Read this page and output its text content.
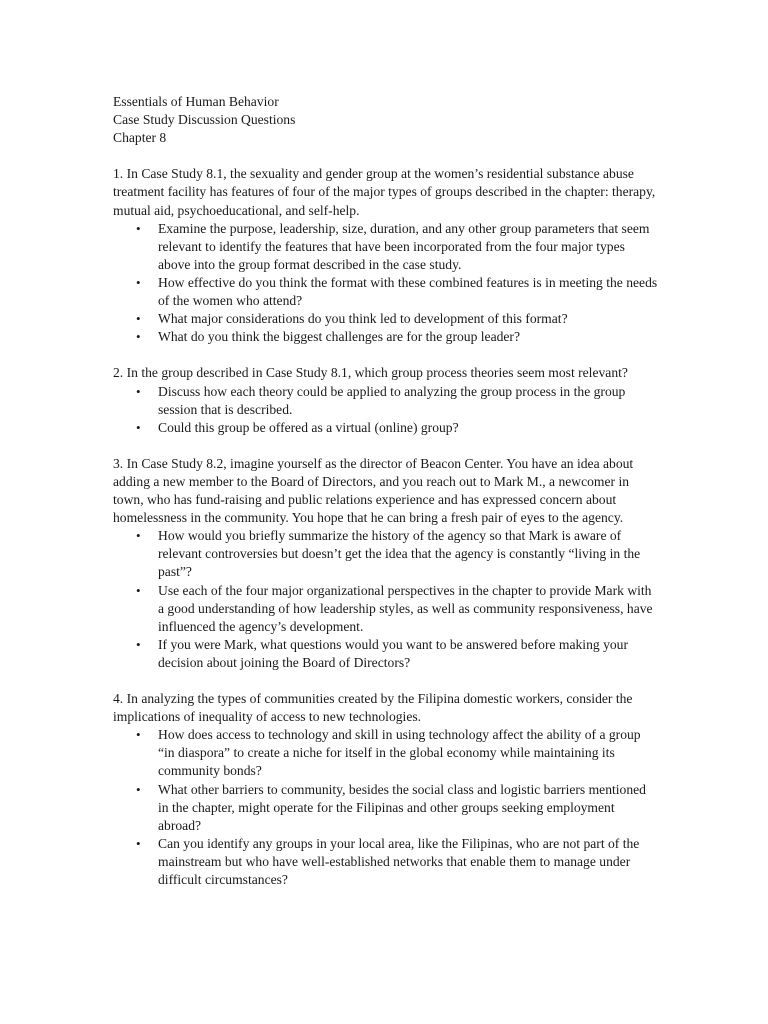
Essentials of Human Behavior
Case Study Discussion Questions
Chapter 8

1. In Case Study 8.1, the sexuality and gender group at the women’s residential substance abuse treatment facility has features of four of the major types of groups described in the chapter: therapy, mutual aid, psychoeducational, and self-help.

• Examine the purpose, leadership, size, duration, and any other group parameters that seem relevant to identify the features that have been incorporated from the four major types above into the group format described in the case study.
• How effective do you think the format with these combined features is in meeting the needs of the women who attend?
• What major considerations do you think led to development of this format?
• What do you think the biggest challenges are for the group leader?

2. In the group described in Case Study 8.1, which group process theories seem most relevant?

• Discuss how each theory could be applied to analyzing the group process in the group session that is described.
• Could this group be offered as a virtual (online) group?

3. In Case Study 8.2, imagine yourself as the director of Beacon Center. You have an idea about adding a new member to the Board of Directors, and you reach out to Mark M., a newcomer in town, who has fund-raising and public relations experience and has expressed concern about homelessness in the community. You hope that he can bring a fresh pair of eyes to the agency.

• How would you briefly summarize the history of the agency so that Mark is aware of relevant controversies but doesn’t get the idea that the agency is constantly “living in the past”?
• Use each of the four major organizational perspectives in the chapter to provide Mark with a good understanding of how leadership styles, as well as community responsiveness, have influenced the agency’s development.
• If you were Mark, what questions would you want to be answered before making your decision about joining the Board of Directors?

4. In analyzing the types of communities created by the Filipina domestic workers, consider the implications of inequality of access to new technologies.

• How does access to technology and skill in using technology affect the ability of a group “in diaspora” to create a niche for itself in the global economy while maintaining its community bonds?
• What other barriers to community, besides the social class and logistic barriers mentioned in the chapter, might operate for the Filipinas and other groups seeking employment abroad?
• Can you identify any groups in your local area, like the Filipinas, who are not part of the mainstream but who have well-established networks that enable them to manage under difficult circumstances?
